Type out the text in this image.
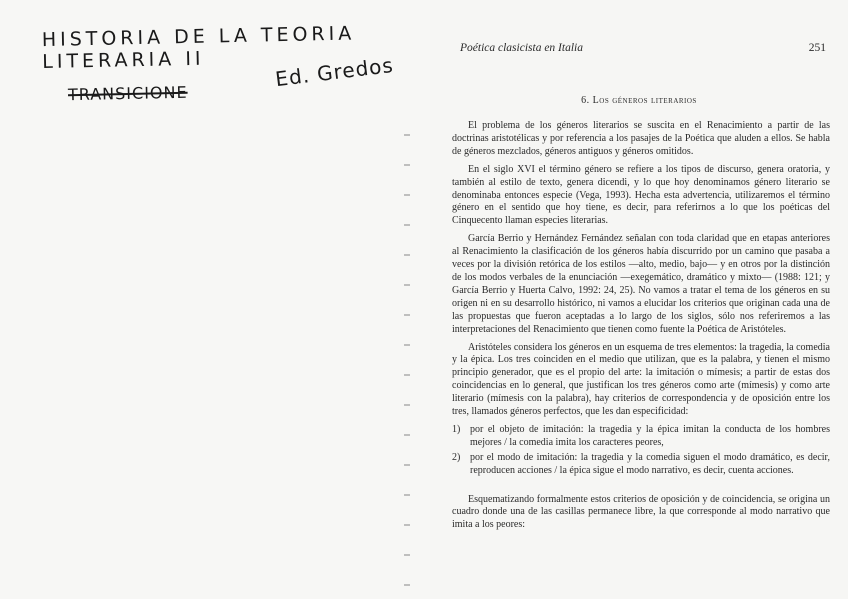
HISTORIA DE LA TEORIA LITERARIA II	Ed. Gredos
TRANSICIONE
Poética clasicista en Italia	251
6. Los géneros literarios

El problema de los géneros literarios se suscita en el Renacimiento a partir de las doctrinas aristotélicas y por referencia a los pasajes de la Poética que aluden a ellos. Se habla de géneros mezclados, géneros antiguos y géneros omitidos.

En el siglo XVI el término género se refiere a los tipos de discurso, genera oratoria, y también al estilo de texto, genera dicendi, y lo que hoy denominamos género literario se denominaba entonces especie (Vega, 1993). Hecha esta advertencia, utilizaremos el término género en el sentido que hoy tiene, es decir, para referirnos a lo que los poéticas del Cinquecento llaman especies literarias.

García Berrio y Hernández Fernández señalan con toda claridad que en etapas anteriores al Renacimiento la clasificación de los géneros había discurrido por un camino que pasaba a veces por la división retórica de los estilos —alto, medio, bajo— y en otros por la distinción de los modos verbales de la enunciación —exegemático, dramático y mixto— (1988: 121; y García Berrio y Huerta Calvo, 1992: 24, 25). No vamos a tratar el tema de los géneros en su origen ni en su desarrollo histórico, ni vamos a elucidar los criterios que originan cada una de las propuestas que fueron aceptadas a lo largo de los siglos, sólo nos referiremos a las interpretaciones del Renacimiento que tienen como fuente la Poética de Aristóteles.

Aristóteles considera los géneros en un esquema de tres elementos: la tragedia, la comedia y la épica. Los tres coinciden en el medio que utilizan, que es la palabra, y tienen el mismo principio generador, que es el propio del arte: la imitación o mímesis; a partir de estas dos coincidencias en lo general, que justifican los tres géneros como arte (mímesis) y como arte literario (mímesis con la palabra), hay criterios de correspondencia y de oposición entre los tres, llamados géneros perfectos, que les dan especificidad:

1) por el objeto de imitación: la tragedia y la épica imitan la conducta de los hombres mejores / la comedia imita los caracteres peores,
2) por el modo de imitación: la tragedia y la comedia siguen el modo dramático, es decir, reproducen acciones / la épica sigue el modo narrativo, es decir, cuenta acciones.

Esquematizando formalmente estos criterios de oposición y de coincidencia, se origina un cuadro donde una de las casillas permanece libre, la que corresponde al modo narrativo que imita a los peores:
